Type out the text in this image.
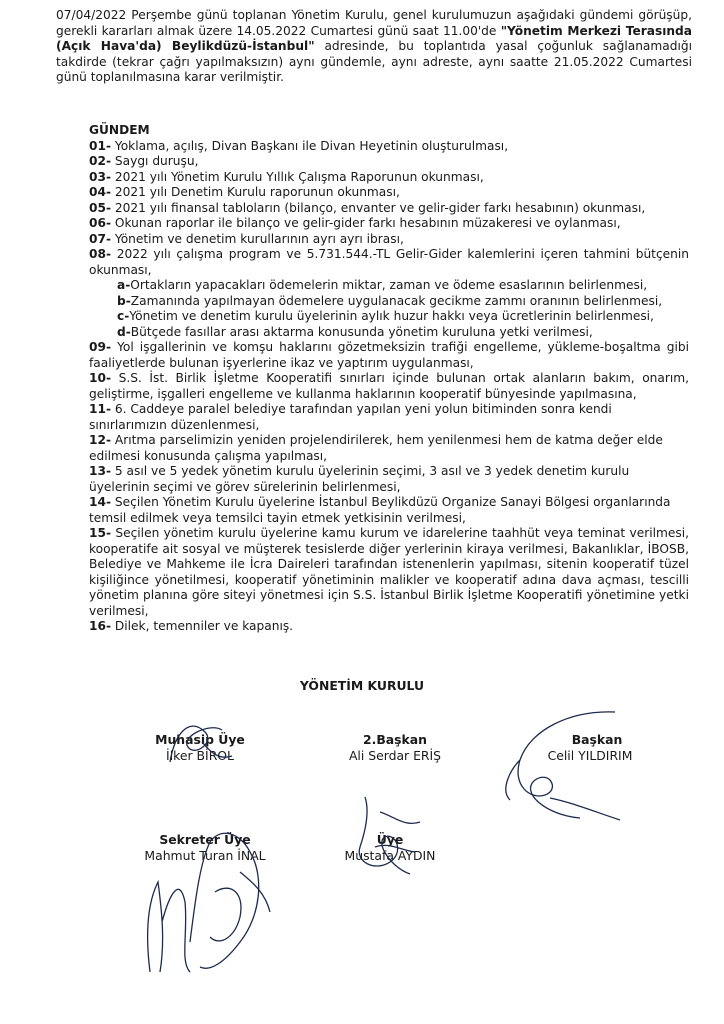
07/04/2022 Perşembe günü toplanan Yönetim Kurulu, genel kurulumuzun aşağıdaki gündemi görüşüp, gerekli kararları almak üzere 14.05.2022 Cumartesi günü saat 11.00'de "Yönetim Merkezi Terasında (Açık Hava'da) Beylikdüzü-İstanbul" adresinde, bu toplantıda yasal çoğunluk sağlanamadığı takdirde (tekrar çağrı yapılmaksızın) aynı gündemle, aynı adreste, aynı saatte 21.05.2022 Cumartesi günü toplanılmasına karar verilmiştir.
GÜNDEM
01- Yoklama, açılış, Divan Başkanı ile Divan Heyetinin oluşturulması,
02- Saygı duruşu,
03- 2021 yılı Yönetim Kurulu Yıllık Çalışma Raporunun okunması,
04- 2021 yılı Denetim Kurulu raporunun okunması,
05- 2021 yılı finansal tabloların (bilanço, envanter ve gelir-gider farkı hesabının) okunması,
06- Okunan raporlar ile bilanço ve gelir-gider farkı hesabının müzakeresi ve oylanması,
07- Yönetim ve denetim kurullarının ayrı ayrı ibrası,
08- 2022 yılı çalışma program ve 5.731.544.-TL Gelir-Gider kalemlerini içeren tahmini bütçenin okunması,
a-Ortakların yapacakları ödemelerin miktar, zaman ve ödeme esaslarının belirlenmesi,
b-Zamanında yapılmayan ödemelere uygulanacak gecikme zammı oranının belirlenmesi,
c-Yönetim ve denetim kurulu üyelerinin aylık huzur hakkı veya ücretlerinin belirlenmesi,
d-Bütçede fasıllar arası aktarma konusunda yönetim kuruluna yetki verilmesi,
09- Yol işgallerinin ve komşu haklarını gözetmeksizin trafiği engelleme, yükleme-boşaltma gibi faaliyetlerde bulunan işyerlerine ikaz ve yaptırım uygulanması,
10- S.S. İst. Birlik İşletme Kooperatifi sınırları içinde bulunan ortak alanların bakım, onarım, geliştirme, işgalleri engelleme ve kullanma haklarının kooperatif bünyesinde yapılmasına,
11- 6. Caddeye paralel belediye tarafından yapılan yeni yolun bitiminden sonra kendi sınırlarımızın düzenlenmesi,
12- Arıtma parselimizin yeniden projelendirilerek, hem yenilenmesi hem de katma değer elde edilmesi konusunda çalışma yapılması,
13- 5 asıl ve 5 yedek yönetim kurulu üyelerinin seçimi, 3 asıl ve 3 yedek denetim kurulu üyelerinin seçimi ve görev sürelerinin belirlenmesi,
14- Seçilen Yönetim Kurulu üyelerine İstanbul Beylikdüzü Organize Sanayi Bölgesi organlarında temsil edilmek veya temsilci tayin etmek yetkisinin verilmesi,
15- Seçilen yönetim kurulu üyelerine kamu kurum ve idarelerine taahhüt veya teminat verilmesi, kooperatife ait sosyal ve müşterek tesislerde diğer yerlerinin kiraya verilmesi, Bakanlıklar, İBOSB, Belediye ve Mahkeme ile İcra Daireleri tarafından istenenlerin yapılması, sitenin kooperatif tüzel kişiliğince yönetilmesi, kooperatif yönetiminin malikler ve kooperatif adına dava açması, tescilli yönetim planına göre siteyi yönetmesi için S.S. İstanbul Birlik İşletme Kooperatifi yönetimine yetki verilmesi,
16- Dilek, temenniler ve kapanış.
YÖNETİM KURULU
Muhasip Üye
İlker BİROL
2.Başkan
Ali Serdar ERİŞ
Başkan
Celil YILDIRIM
Sekreter Üye
Mahmut Turan İNAL
Üye
Mustafa AYDIN
